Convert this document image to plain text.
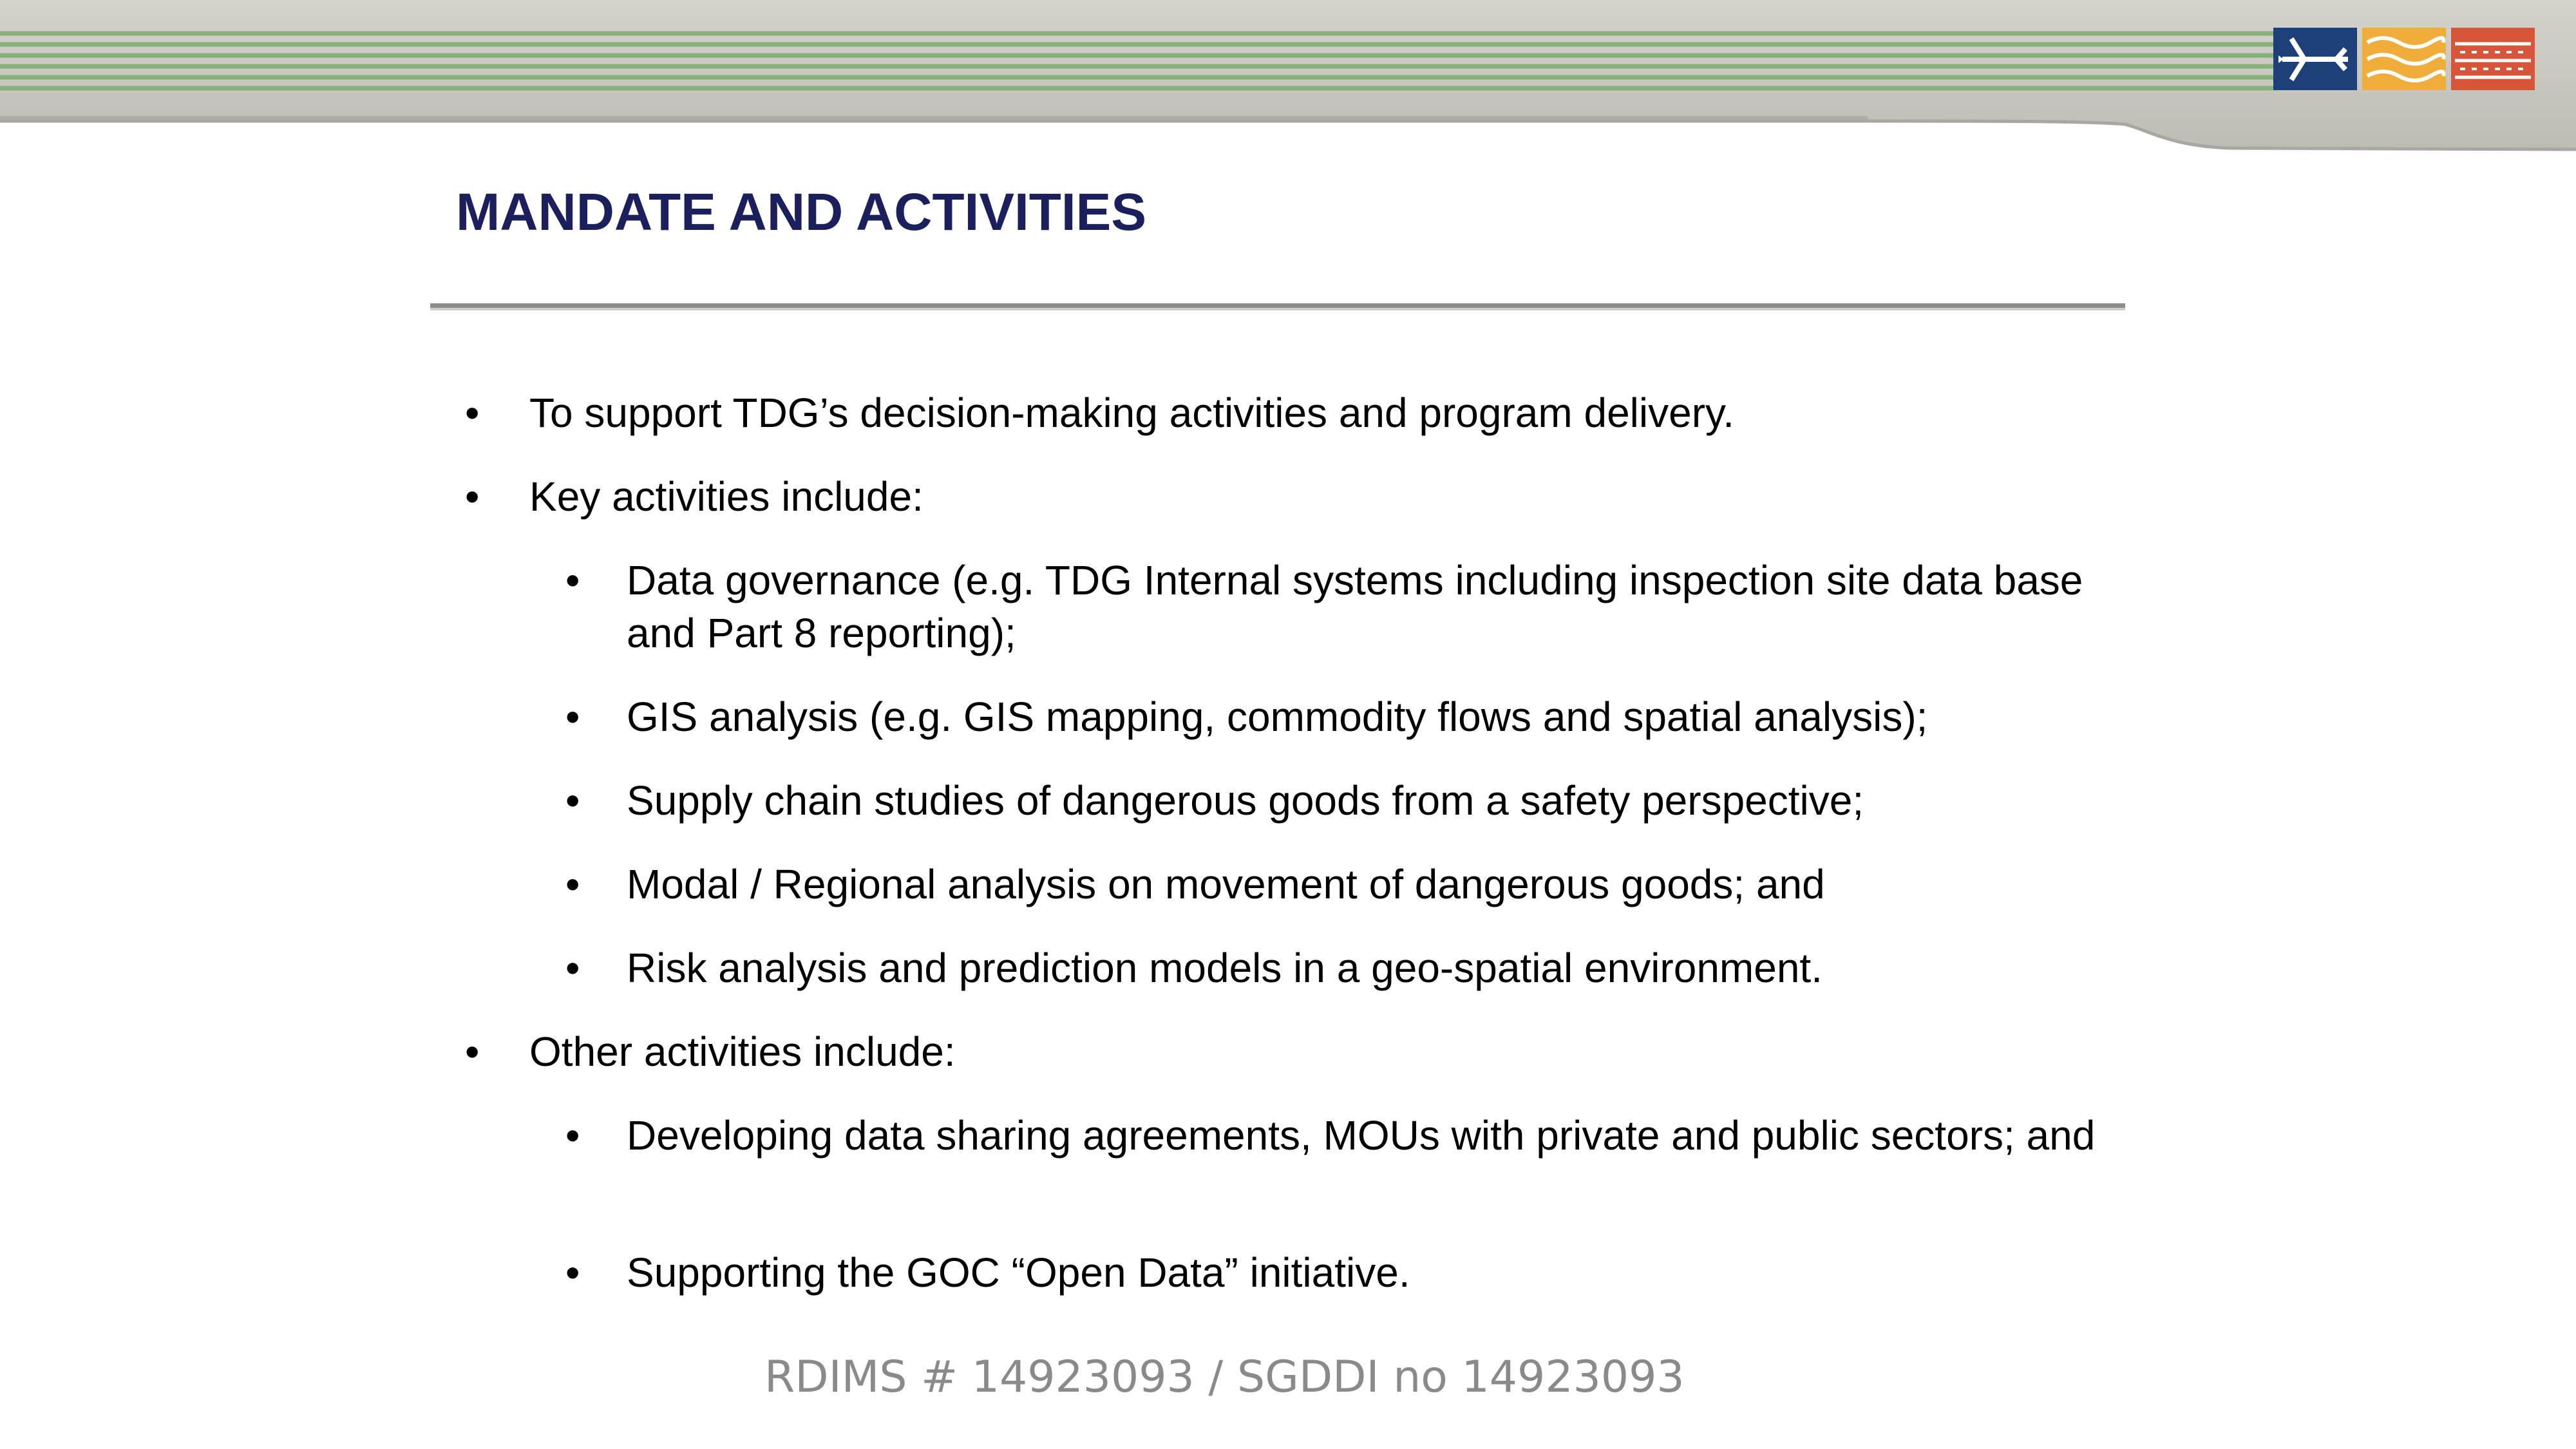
MANDATE AND ACTIVITIES
• To support TDG’s decision-making activities and program delivery.
• Key activities include:
• Data governance (e.g. TDG Internal systems including inspection site data base and Part 8 reporting);
• GIS analysis (e.g. GIS mapping, commodity flows and spatial analysis);
• Supply chain studies of dangerous goods from a safety perspective;
• Modal / Regional analysis on movement of dangerous goods; and
• Risk analysis and prediction models in a geo-spatial environment.
• Other activities include:
• Developing data sharing agreements, MOUs with private and public sectors; and
• Supporting the GOC “Open Data” initiative.
RDIMS # 14923093 / SGDDI no 14923093
